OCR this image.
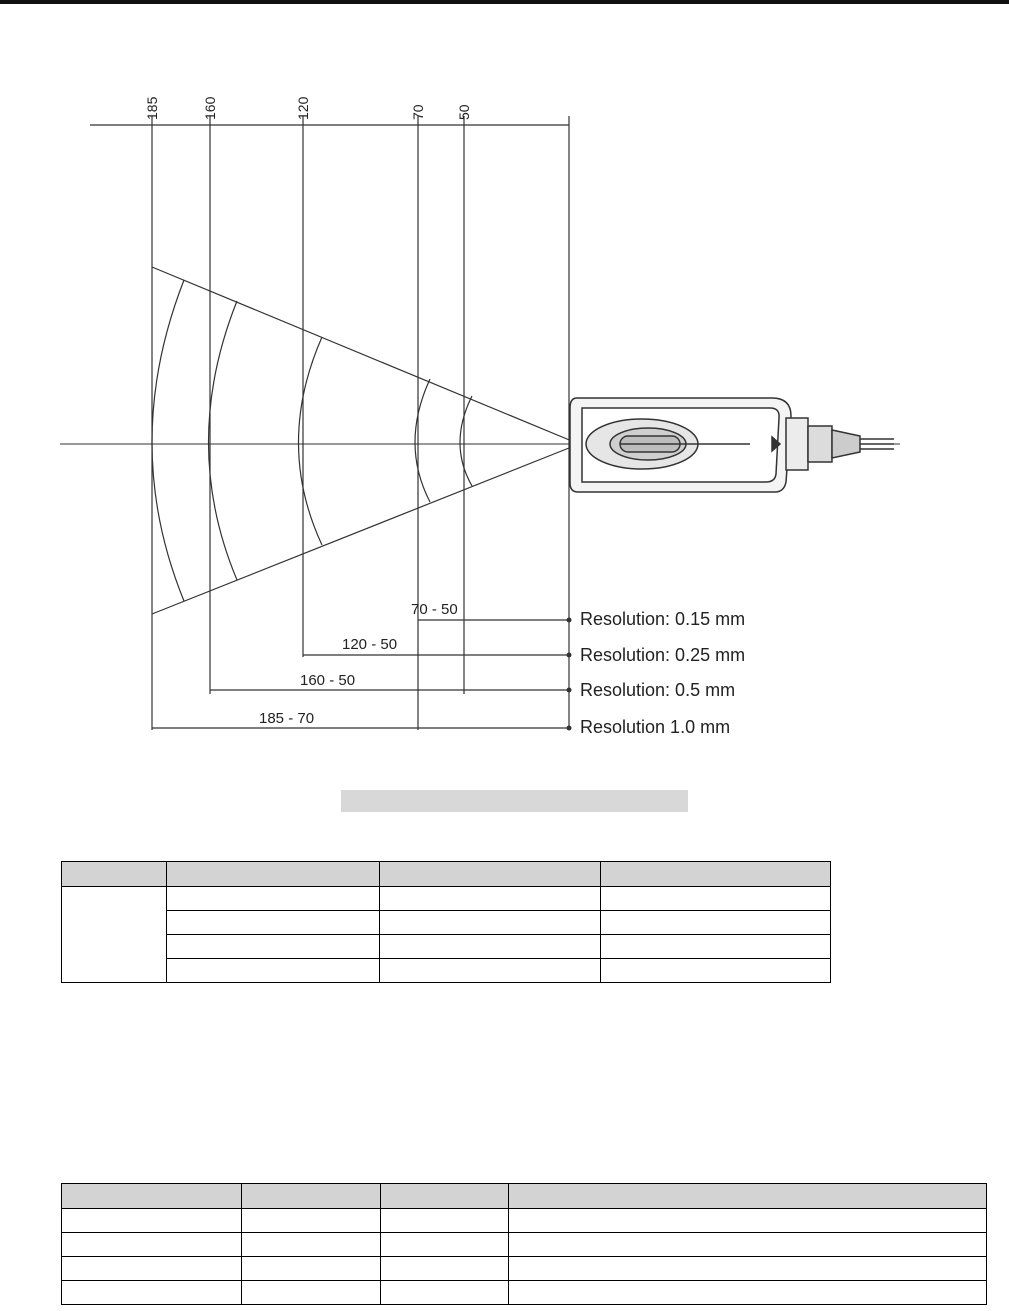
185	160	120	70 50
70 - 50
120 - 50
160 - 50
185 - 70
Resolution: 0.15 mm
Resolution: 0.25 mm
Resolution: 0.5 mm
Resolution 1.0 mm
